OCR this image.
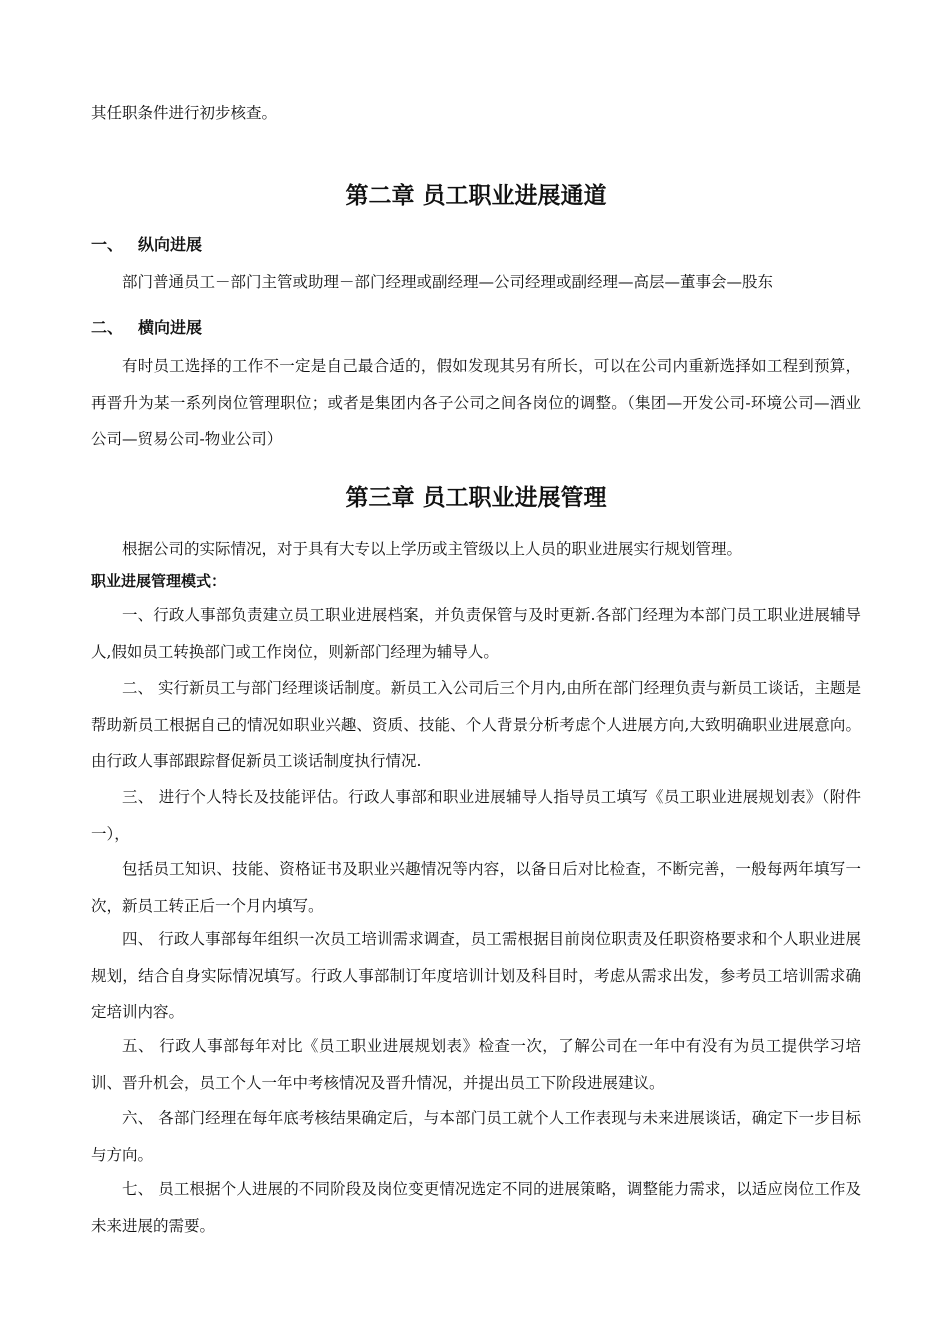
其任职条件进行初步核查。

第二章 员工职业进展通道
一、 纵向进展

部门普通员工－部门主管或助理－部门经理或副经理—公司经理或副经理—高层—董事会—股东

二、 横向进展

有时员工选择的工作不一定是自己最合适的，假如发现其另有所长，可以在公司内重新选择如工程到预算，再晋升为某一系列岗位管理职位；或者是集团内各子公司之间各岗位的调整。（集团—开发公司-环境公司—酒业公司—贸易公司-物业公司）

第三章 员工职业进展管理

根据公司的实际情况，对于具有大专以上学历或主管级以上人员的职业进展实行规划管理。

职业进展管理模式：

一、行政人事部负责建立员工职业进展档案，并负责保管与及时更新.各部门经理为本部门员工职业进展辅导人,假如员工转换部门或工作岗位，则新部门经理为辅导人。

二、 实行新员工与部门经理谈话制度。新员工入公司后三个月内,由所在部门经理负责与新员工谈话，主题是帮助新员工根据自己的情况如职业兴趣、资质、技能、个人背景分析考虑个人进展方向,大致明确职业进展意向。由行政人事部跟踪督促新员工谈话制度执行情况.

三、 进行个人特长及技能评估。行政人事部和职业进展辅导人指导员工填写《员工职业进展规划表》（附件一），

包括员工知识、技能、资格证书及职业兴趣情况等内容，以备日后对比检查，不断完善，一般每两年填写一次，新员工转正后一个月内填写。

四、 行政人事部每年组织一次员工培训需求调查，员工需根据目前岗位职责及任职资格要求和个人职业进展规划，结合自身实际情况填写。行政人事部制订年度培训计划及科目时，考虑从需求出发，参考员工培训需求确定培训内容。

五、 行政人事部每年对比《员工职业进展规划表》检查一次，了解公司在一年中有没有为员工提供学习培训、晋升机会，员工个人一年中考核情况及晋升情况，并提出员工下阶段进展建议。

六、 各部门经理在每年底考核结果确定后，与本部门员工就个人工作表现与未来进展谈话，确定下一步目标与方向。

七、 员工根据个人进展的不同阶段及岗位变更情况选定不同的进展策略，调整能力需求，以适应岗位工作及未来进展的需要。
